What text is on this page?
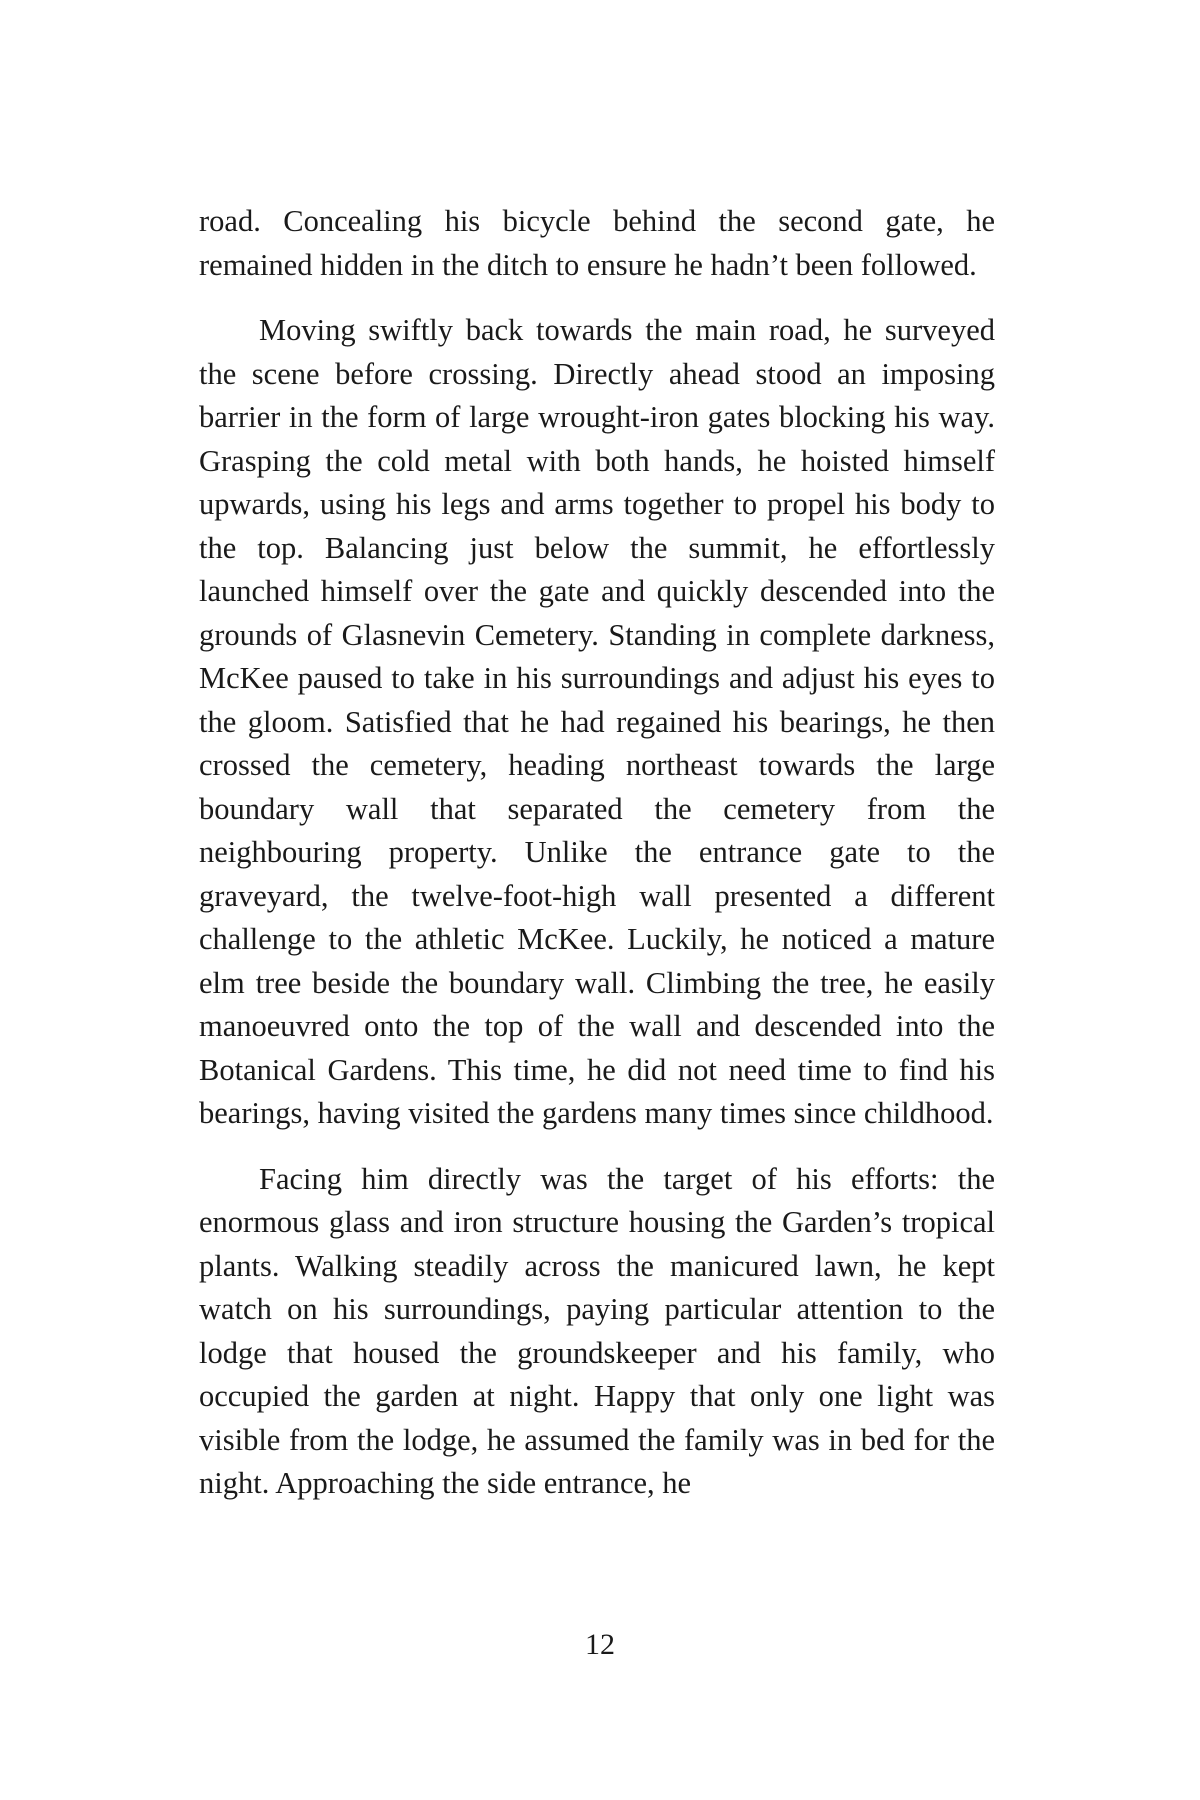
road. Concealing his bicycle behind the second gate, he remained hidden in the ditch to ensure he hadn’t been followed.

Moving swiftly back towards the main road, he surveyed the scene before crossing. Directly ahead stood an imposing barrier in the form of large wrought-iron gates blocking his way. Grasping the cold metal with both hands, he hoisted himself upwards, using his legs and arms together to propel his body to the top. Balancing just below the summit, he effortlessly launched himself over the gate and quickly descended into the grounds of Glasnevin Cemetery. Standing in complete darkness, McKee paused to take in his surroundings and adjust his eyes to the gloom. Satisfied that he had regained his bearings, he then crossed the cemetery, heading northeast towards the large boundary wall that separated the cemetery from the neighbouring property. Unlike the entrance gate to the graveyard, the twelve-foot-high wall presented a different challenge to the athletic McKee. Luckily, he noticed a mature elm tree beside the boundary wall. Climbing the tree, he easily manoeuvred onto the top of the wall and descended into the Botanical Gardens. This time, he did not need time to find his bearings, having visited the gardens many times since childhood.

Facing him directly was the target of his efforts: the enormous glass and iron structure housing the Garden’s tropical plants. Walking steadily across the manicured lawn, he kept watch on his surroundings, paying particular attention to the lodge that housed the groundskeeper and his family, who occupied the garden at night. Happy that only one light was visible from the lodge, he assumed the family was in bed for the night. Approaching the side entrance, he

12
